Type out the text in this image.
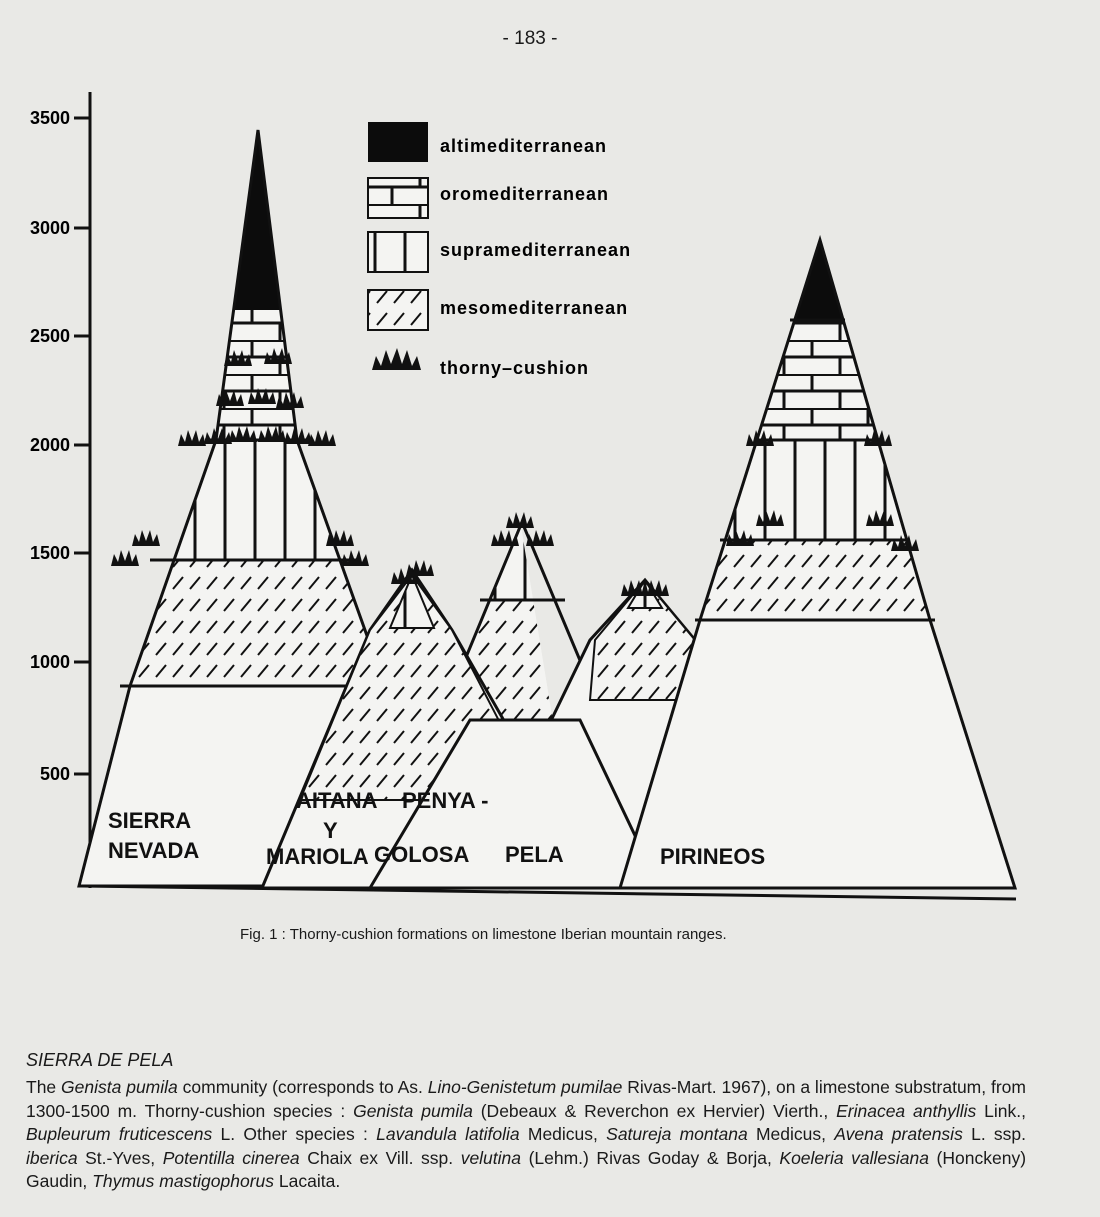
- 183 -
3500
3000
2500
2000
1500
1000
500
altimediterranean
oromediterranean
supramediterranean
mesomediterranean
thorny–cushion
SIERRA
NEVADA
AITANA
Y
MARIOLA
PENYA -
GOLOSA PELA	PIRINEOS
Fig. 1 : Thorny-cushion formations on limestone Iberian mountain ranges.
SIERRA DE PELA
The Genista pumila community (corresponds to As. Lino-Genistetum pumilae Rivas-Mart. 1967), on a limestone substratum, from 1300-1500 m. Thorny-cushion species : Genista pumila (Debeaux & Reverchon ex Hervier) Vierth., Erinacea anthyllis Link., Bupleurum fruticescens L. Other species : Lavandula latifolia Medicus, Satureja montana Medicus, Avena pratensis L. ssp. iberica St.-Yves, Potentilla cinerea Chaix ex Vill. ssp. velutina (Lehm.) Rivas Goday & Borja, Koeleria vallesiana (Honckeny) Gaudin, Thymus mastigophorus Lacaita.
